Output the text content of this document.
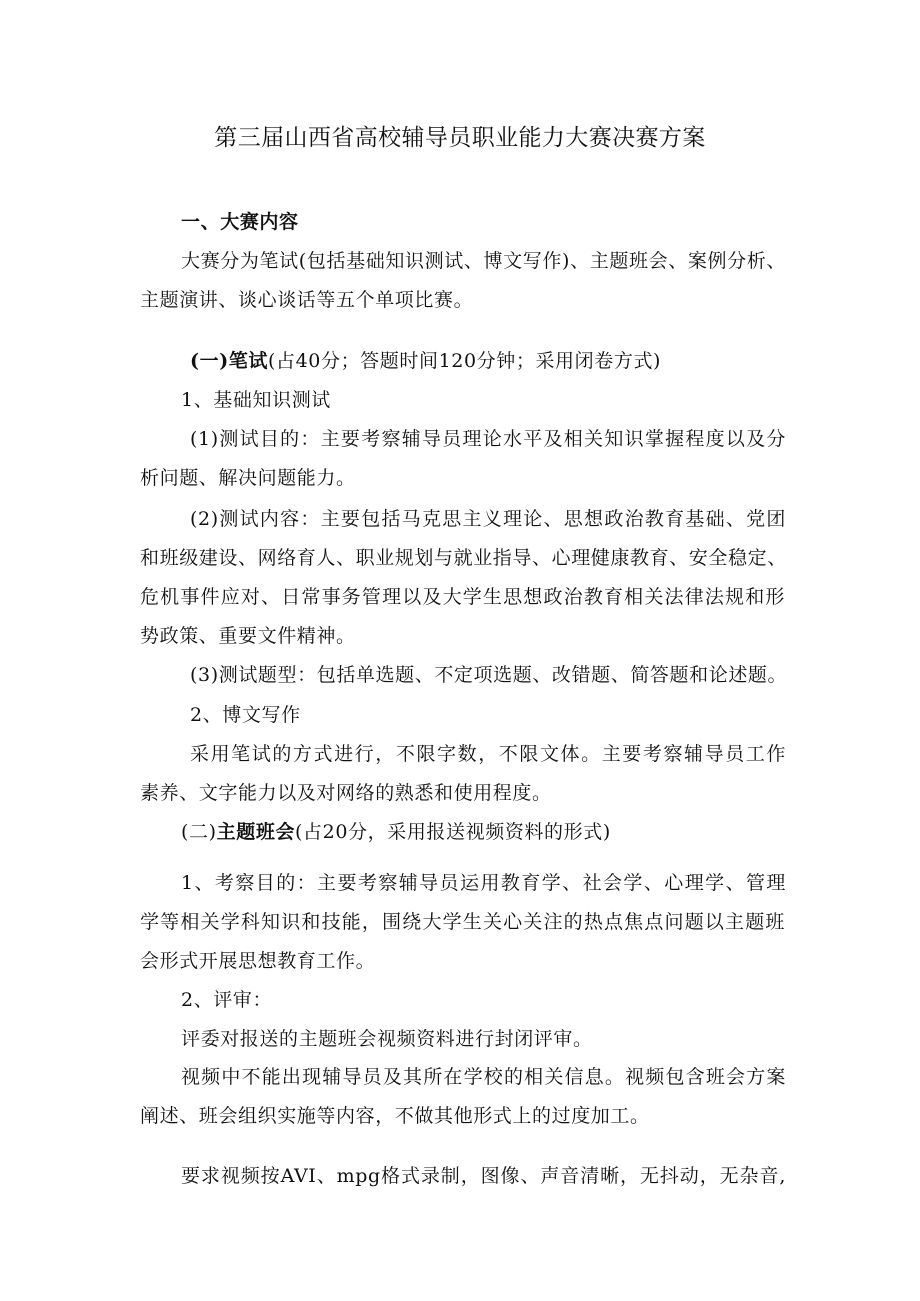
第三届山西省高校辅导员职业能力大赛决赛方案
一、大赛内容
大赛分为笔试(包括基础知识测试、博文写作)、主题班会、案例分析、
主题演讲、谈心谈话等五个单项比赛。
(一)笔试(占40分；答题时间120分钟；采用闭卷方式)
1、基础知识测试
(1)测试目的：主要考察辅导员理论水平及相关知识掌握程度以及分
析问题、解决问题能力。
(2)测试内容：主要包括马克思主义理论、思想政治教育基础、党团
和班级建设、网络育人、职业规划与就业指导、心理健康教育、安全稳定、
危机事件应对、日常事务管理以及大学生思想政治教育相关法律法规和形
势政策、重要文件精神。
(3)测试题型：包括单选题、不定项选题、改错题、简答题和论述题。
2、博文写作
采用笔试的方式进行，不限字数，不限文体。主要考察辅导员工作
素养、文字能力以及对网络的熟悉和使用程度。
(二)主题班会(占20分，采用报送视频资料的形式)
1、考察目的：主要考察辅导员运用教育学、社会学、心理学、管理
学等相关学科知识和技能，围绕大学生关心关注的热点焦点问题以主题班
会形式开展思想教育工作。
2、评审：
评委对报送的主题班会视频资料进行封闭评审。
视频中不能出现辅导员及其所在学校的相关信息。视频包含班会方案
阐述、班会组织实施等内容，不做其他形式上的过度加工。
要求视频按AVI、mpg格式录制，图像、声音清晰，无抖动，无杂音,
